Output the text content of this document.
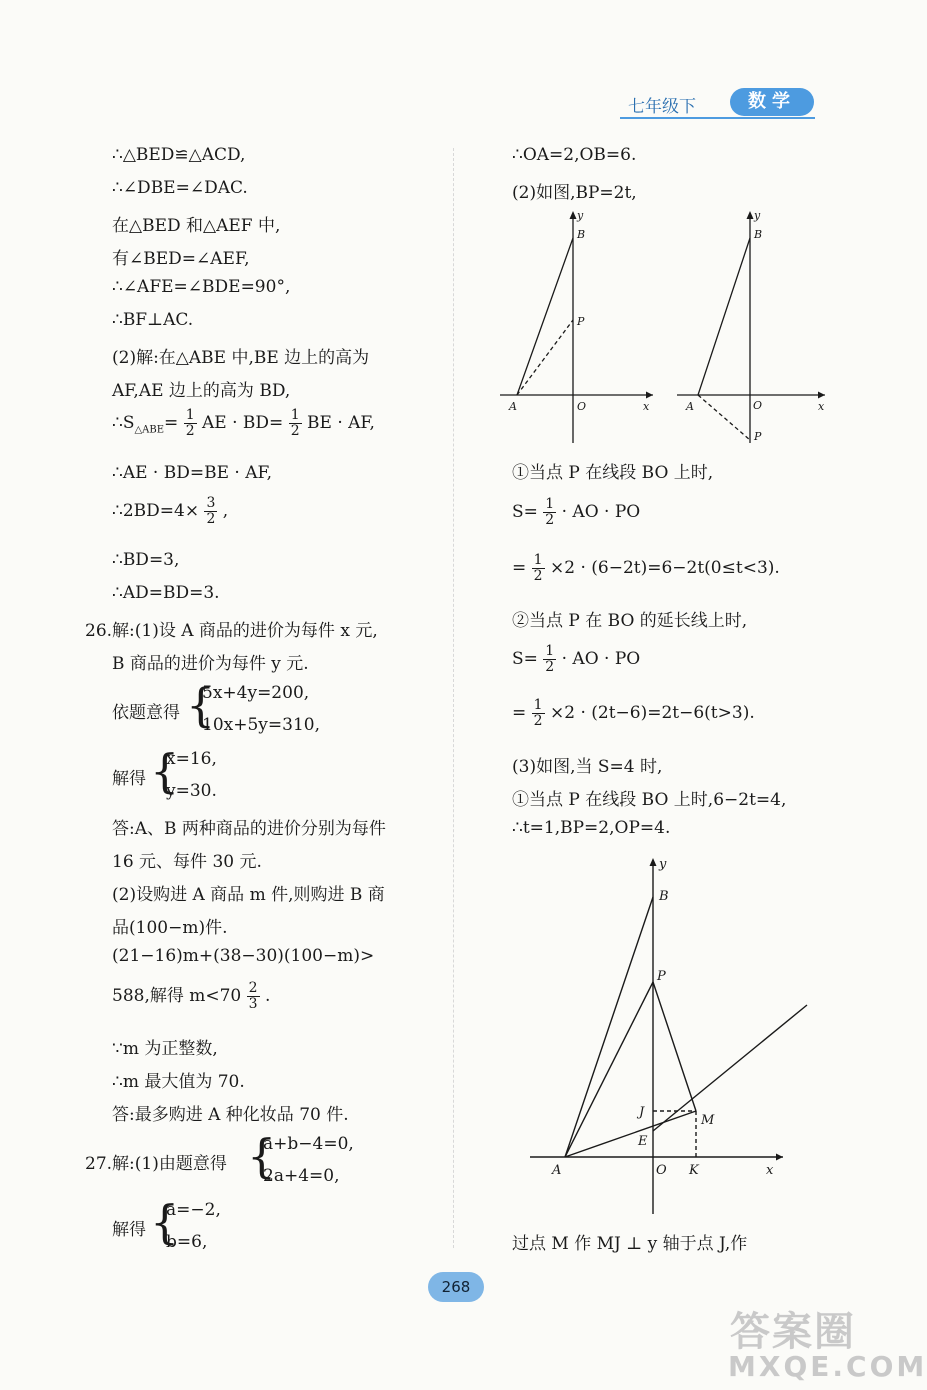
七年级下	数学
∴△BED≌△ACD,
∴∠DBE=∠DAC.
在△BED 和△AEF 中,
有∠BED=∠AEF,
∴∠AFE=∠BDE=90°,
∴BF⊥AC.
(2)解:在△ABE 中,BE 边上的高为
AF,AE 边上的高为 BD,
$\therefore S_{\triangle ABE}= \frac{1}{2}$ AE · $BD= \frac{1}{2}$ BE · AF,
∴AE · BD=BE · AF,
∴2BD=4× $\frac{3}{2}$ ,
∴BD=3,
∴AD=BD=3.
26.解:(1)设 A 商品的进价为每件 x 元,
B 商品的进价为每件 y 元.
依题意得 {
5x+4y=200,
10x+5y=310,
解得 {
x=16,
y=30.
答:A、B 两种商品的进价分别为每件
16 元、每件 30 元.
(2)设购进 A 商品 m 件,则购进 B 商
品(100−m)件.
(21−16)m+(38−30)(100−m)>
588,解得 $m<70 \frac{2}{3}$ .
∵m 为正整数,
∴m 最大值为 70.
答:最多购进 A 种化妆品 70 件.
27.解:(1)由题意得 {
a+b−4=0,
2a+4=0,
解得 {
a=−2,
b=6,
∴OA=2,OB=6.
(2)如图,BP=2t,
y
B
P
A	O	x
y
B
P
A	O	x
①当点 P 在线段 BO 上时,
$S= \frac{1}{2}$ · AO · PO
= $\frac{1}{2} \times 2 \cdot (6-2t)=6-2t(0\le t<3)$.
②当点 P 在 BO 的延长线上时,
$S= \frac{1}{2}$ · AO · PO
= $\frac{1}{2} \times 2 \cdot (2t-6)=2t-6(t>3)$.
(3)如图,当 S=4 时,
①当点 P 在线段 BO 上时,6−2t=4,
∴t=1,BP=2,OP=4.
y
B
P
J
M
E
A	O K	x
过点 M 作 MJ ⊥ y 轴于点 J,作
268
答案圈
MXQE.COM
